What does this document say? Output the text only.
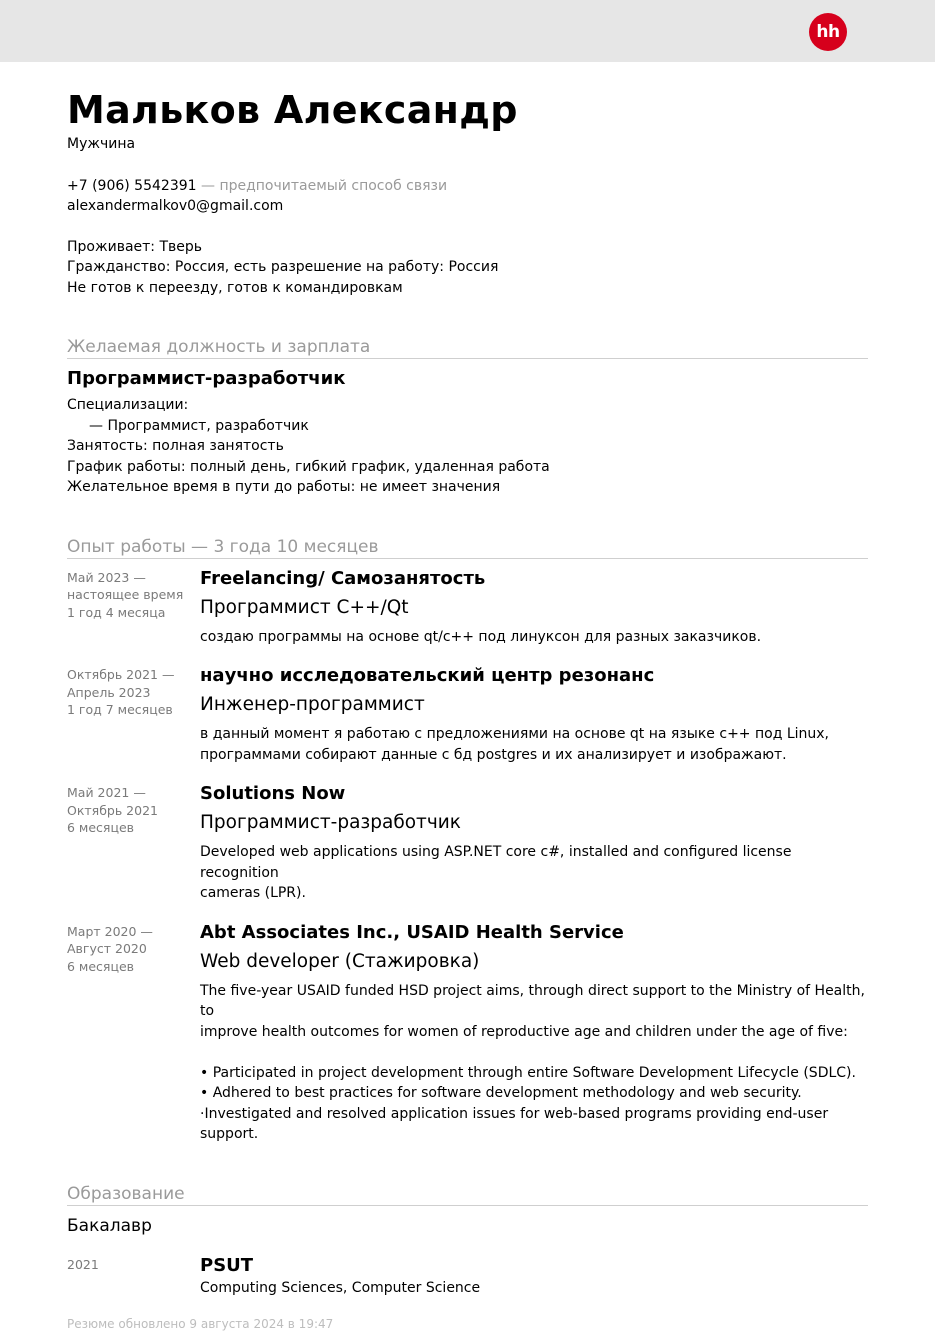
hh
Мальков Александр
Мужчина
+7 (906) 5542391 — предпочитаемый способ связи
alexandermalkov0@gmail.com
Проживает: Тверь
Гражданство: Россия, есть разрешение на работу: Россия
Не готов к переезду, готов к командировкам
Желаемая должность и зарплата
Программист-разработчик
Специализации:
— Программист, разработчик
Занятость: полная занятость
График работы: полный день, гибкий график, удаленная работа
Желательное время в пути до работы: не имеет значения
Опыт работы — 3 года 10 месяцев
Май 2023 —
настоящее время
1 год 4 месяца
Freelancing/ Самозанятость
Программист C++/Qt
создаю программы на основе qt/c++ под линуксон для разных заказчиков.
Октябрь 2021 —
Апрель 2023
1 год 7 месяцев
научно исследовательский центр резонанс
Инженер-программист
в данный момент я работаю с предложениями на основе qt на языке c++ под Linux,
программами собирают данные с бд postgres и их анализирует и изображают.
Май 2021 —
Октябрь 2021
6 месяцев
Solutions Now
Программист-разработчик
Developed web applications using ASP.NET core c#, installed and configured license recognition
cameras (LPR).
Март 2020 —
Август 2020
6 месяцев
Abt Associates Inc., USAID Health Service
Web developer (Стажировка)
The five-year USAID funded HSD project aims, through direct support to the Ministry of Health, to
improve health outcomes for women of reproductive age and children under the age of five:

• Participated in project development through entire Software Development Lifecycle (SDLC).
• Adhered to best practices for software development methodology and web security.
·Investigated and resolved application issues for web-based programs providing end-user support.
Образование
Бакалавр
2021	PSUT
Computing Sciences, Computer Science
Резюме обновлено 9 августа 2024 в 19:47
